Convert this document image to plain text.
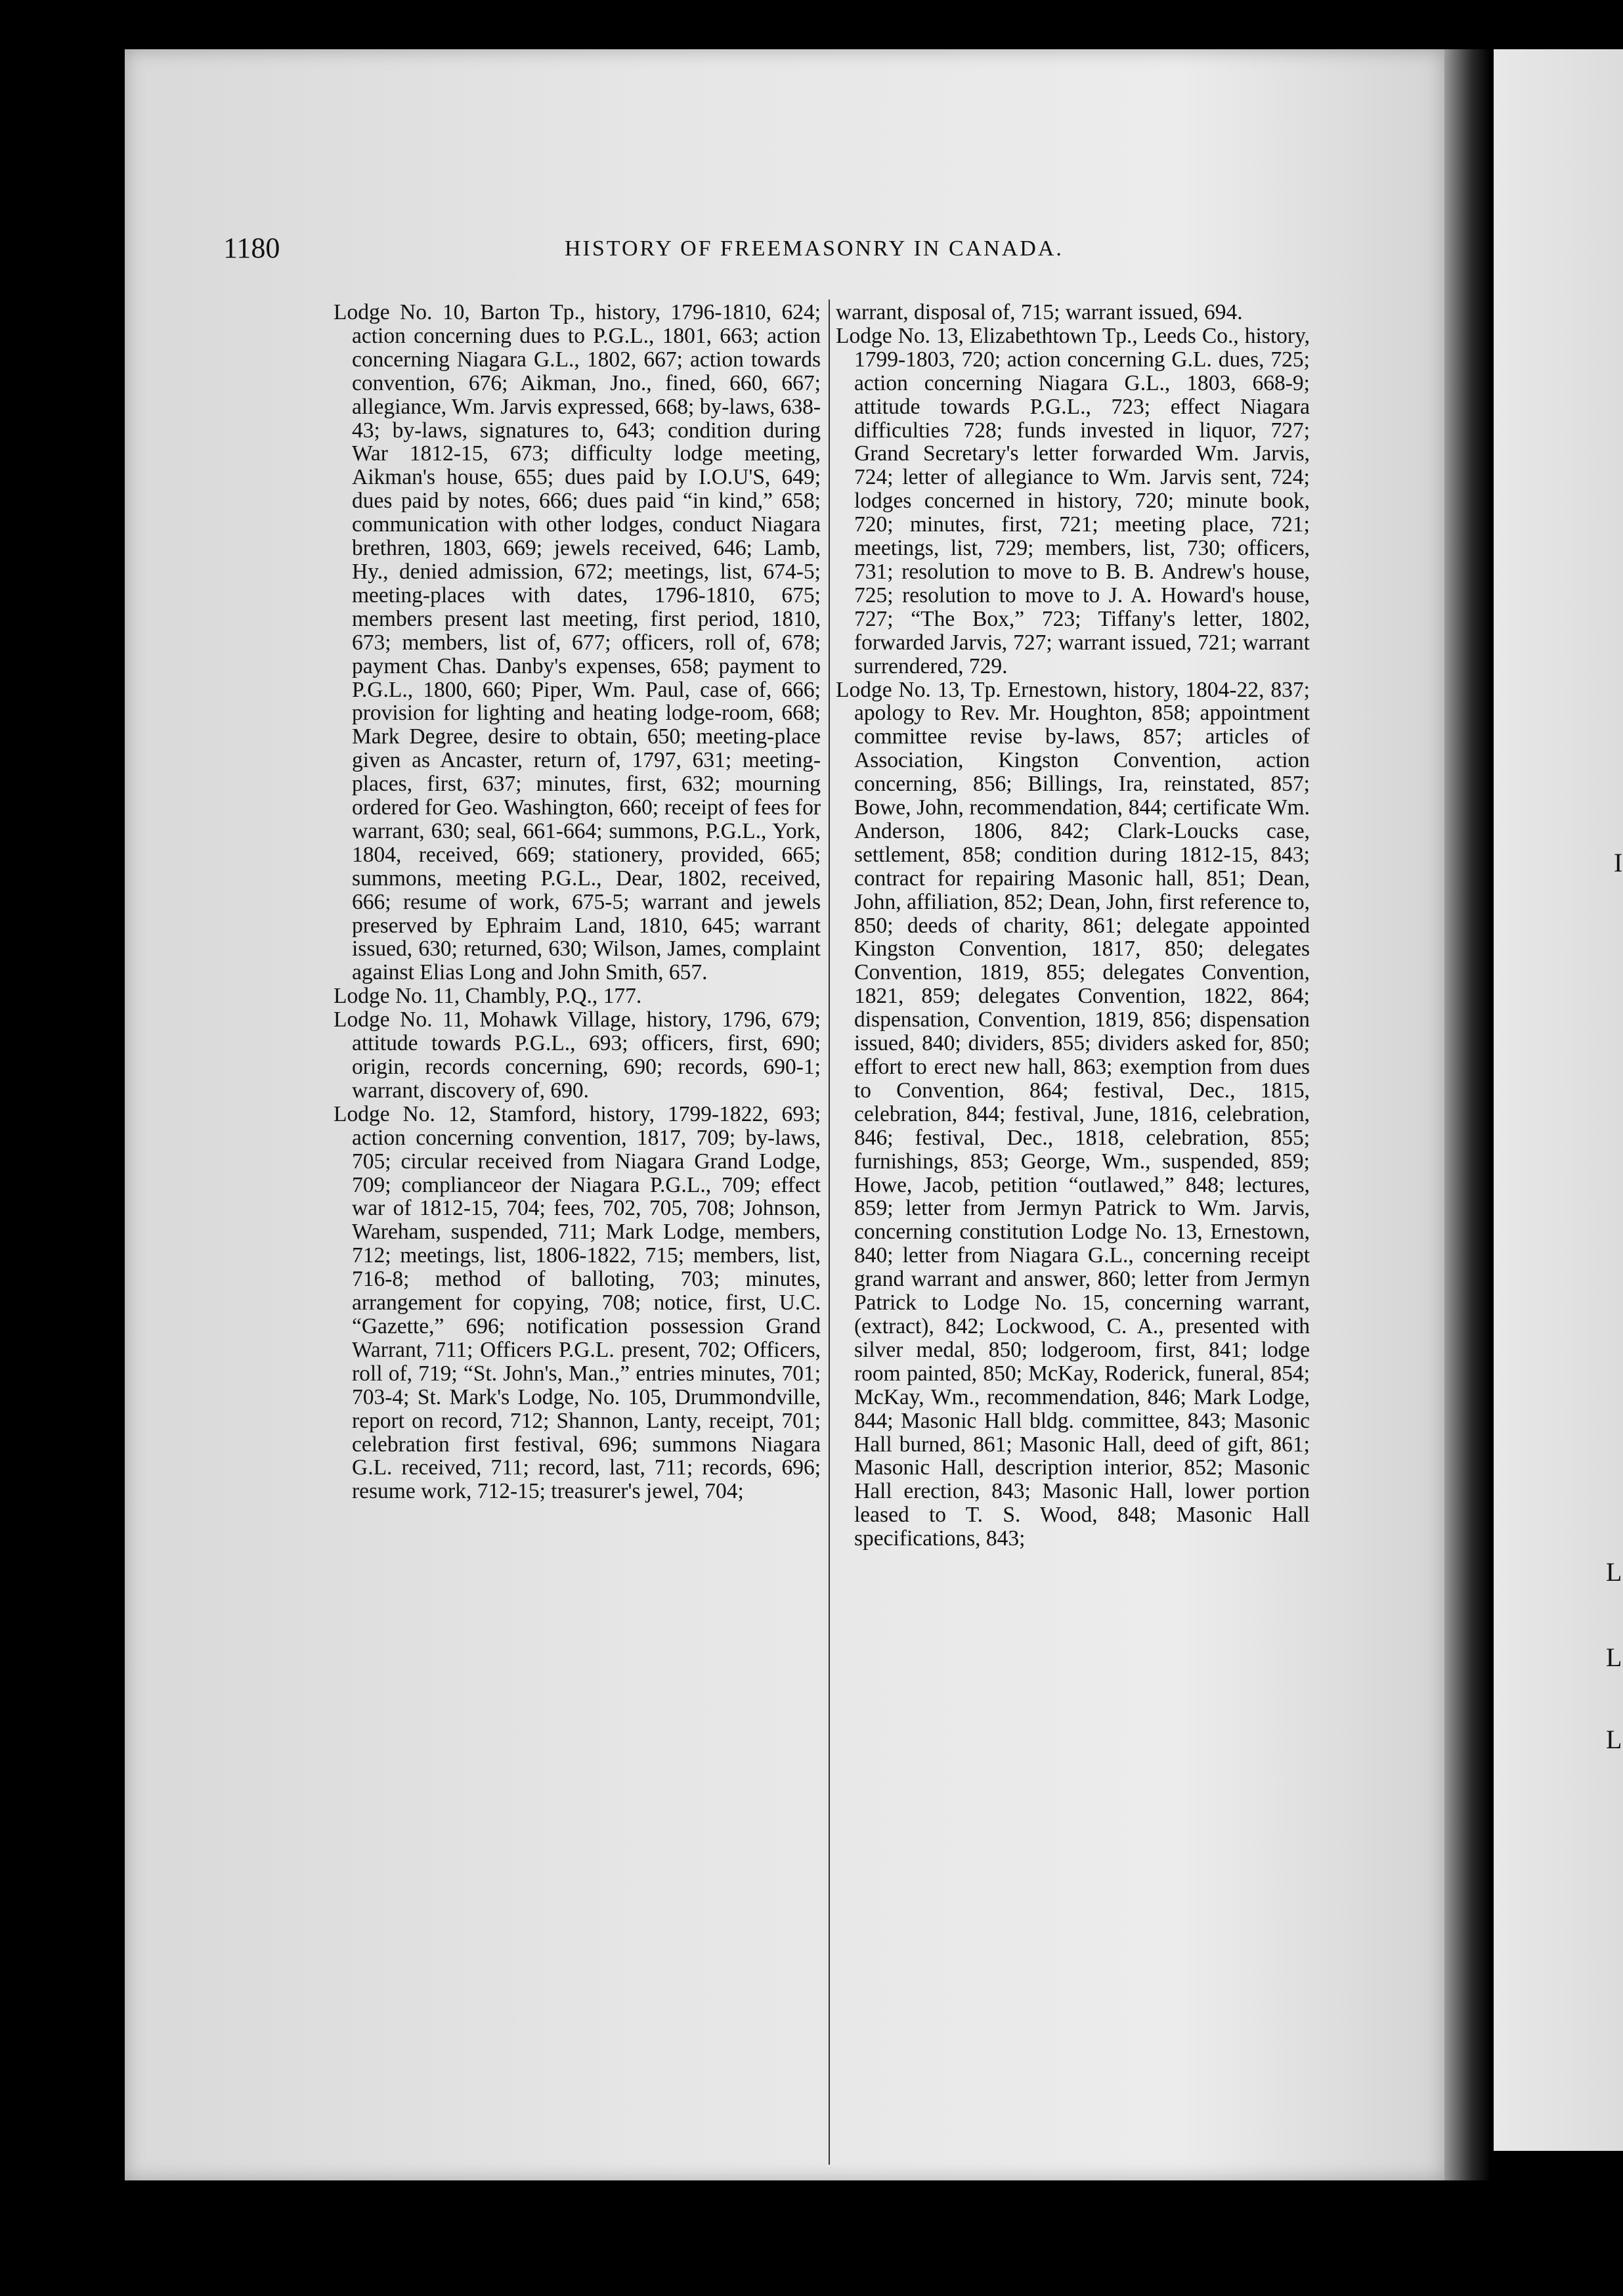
I
L
L
L
1180	HISTORY OF FREEMASONRY IN CANADA.

Lodge No. 10, Barton Tp., history, 1796-1810, 624; action concerning dues to P.G.L., 1801, 663; action concerning Niagara G.L., 1802, 667; action towards convention, 676; Aikman, Jno., fined, 660, 667; allegiance, Wm. Jarvis expressed, 668; by-laws, 638-43; by-laws, signatures to, 643; condition during War 1812-15, 673; difficulty lodge meeting, Aikman's house, 655; dues paid by I.O.U'S, 649; dues paid by notes, 666; dues paid “in kind,” 658; communication with other lodges, conduct Niagara brethren, 1803, 669; jewels received, 646; Lamb, Hy., denied admission, 672; meetings, list, 674-5; meeting-places with dates, 1796-1810, 675; members present last meeting, first period, 1810, 673; members, list of, 677; officers, roll of, 678; payment Chas. Danby's expenses, 658; payment to P.G.L., 1800, 660; Piper, Wm. Paul, case of, 666; provision for lighting and heating lodge-room, 668; Mark Degree, desire to obtain, 650; meeting-place given as Ancaster, return of, 1797, 631; meeting-places, first, 637; minutes, first, 632; mourning ordered for Geo. Washington, 660; receipt of fees for warrant, 630; seal, 661-664; summons, P.G.L., York, 1804, received, 669; stationery, provided, 665; summons, meeting P.G.L., Dear, 1802, received, 666; resume of work, 675-5; warrant and jewels preserved by Ephraim Land, 1810, 645; warrant issued, 630; returned, 630; Wilson, James, complaint against Elias Long and John Smith, 657.

Lodge No. 11, Chambly, P.Q., 177.

Lodge No. 11, Mohawk Village, history, 1796, 679; attitude towards P.G.L., 693; officers, first, 690; origin, records concerning, 690; records, 690-1; warrant, discovery of, 690.

Lodge No. 12, Stamford, history, 1799-1822, 693; action concerning convention, 1817, 709; by-laws, 705; circular received from Niagara Grand Lodge, 709; complianceor der Niagara P.G.L., 709; effect war of 1812-15, 704; fees, 702, 705, 708; Johnson, Wareham, suspended, 711; Mark Lodge, members, 712; meetings, list, 1806-1822, 715; members, list, 716-8; method of balloting, 703; minutes, arrangement for copying, 708; notice, first, U.C. “Gazette,” 696; notification possession Grand Warrant, 711; Officers P.G.L. present, 702; Officers, roll of, 719; “St. John's, Man.,” entries minutes, 701; 703-4; St. Mark's Lodge, No. 105, Drummondville, report on record, 712; Shannon, Lanty, receipt, 701; celebration first festival, 696; summons Niagara G.L. received, 711; record, last, 711; records, 696; resume work, 712-15; treasurer's jewel, 704;

warrant, disposal of, 715; warrant issued, 694.

Lodge No. 13, Elizabethtown Tp., Leeds Co., history, 1799-1803, 720; action concerning G.L. dues, 725; action concerning Niagara G.L., 1803, 668-9; attitude towards P.G.L., 723; effect Niagara difficulties 728; funds invested in liquor, 727; Grand Secretary's letter forwarded Wm. Jarvis, 724; letter of allegiance to Wm. Jarvis sent, 724; lodges concerned in history, 720; minute book, 720; minutes, first, 721; meeting place, 721; meetings, list, 729; members, list, 730; officers, 731; resolution to move to B. B. Andrew's house, 725; resolution to move to J. A. Howard's house, 727; “The Box,” 723; Tiffany's letter, 1802, forwarded Jarvis, 727; warrant issued, 721; warrant surrendered, 729.

Lodge No. 13, Tp. Ernestown, history, 1804-22, 837; apology to Rev. Mr. Houghton, 858; appointment committee revise by-laws, 857; articles of Association, Kingston Convention, action concerning, 856; Billings, Ira, reinstated, 857; Bowe, John, recommendation, 844; certificate Wm. Anderson, 1806, 842; Clark-Loucks case, settlement, 858; condition during 1812-15, 843; contract for repairing Masonic hall, 851; Dean, John, affiliation, 852; Dean, John, first reference to, 850; deeds of charity, 861; delegate appointed Kingston Convention, 1817, 850; delegates Convention, 1819, 855; delegates Convention, 1821, 859; delegates Convention, 1822, 864; dispensation, Convention, 1819, 856; dispensation issued, 840; dividers, 855; dividers asked for, 850; effort to erect new hall, 863; exemption from dues to Convention, 864; festival, Dec., 1815, celebration, 844; festival, June, 1816, celebration, 846; festival, Dec., 1818, celebration, 855; furnishings, 853; George, Wm., suspended, 859; Howe, Jacob, petition “outlawed,” 848; lectures, 859; letter from Jermyn Patrick to Wm. Jarvis, concerning constitution Lodge No. 13, Ernestown, 840; letter from Niagara G.L., concerning receipt grand warrant and answer, 860; letter from Jermyn Patrick to Lodge No. 15, concerning warrant, (extract), 842; Lockwood, C. A., presented with silver medal, 850; lodgeroom, first, 841; lodge room painted, 850; McKay, Roderick, funeral, 854; McKay, Wm., recommendation, 846; Mark Lodge, 844; Masonic Hall bldg. committee, 843; Masonic Hall burned, 861; Masonic Hall, deed of gift, 861; Masonic Hall, description interior, 852; Masonic Hall erection, 843; Masonic Hall, lower portion leased to T. S. Wood, 848; Masonic Hall specifications, 843;
